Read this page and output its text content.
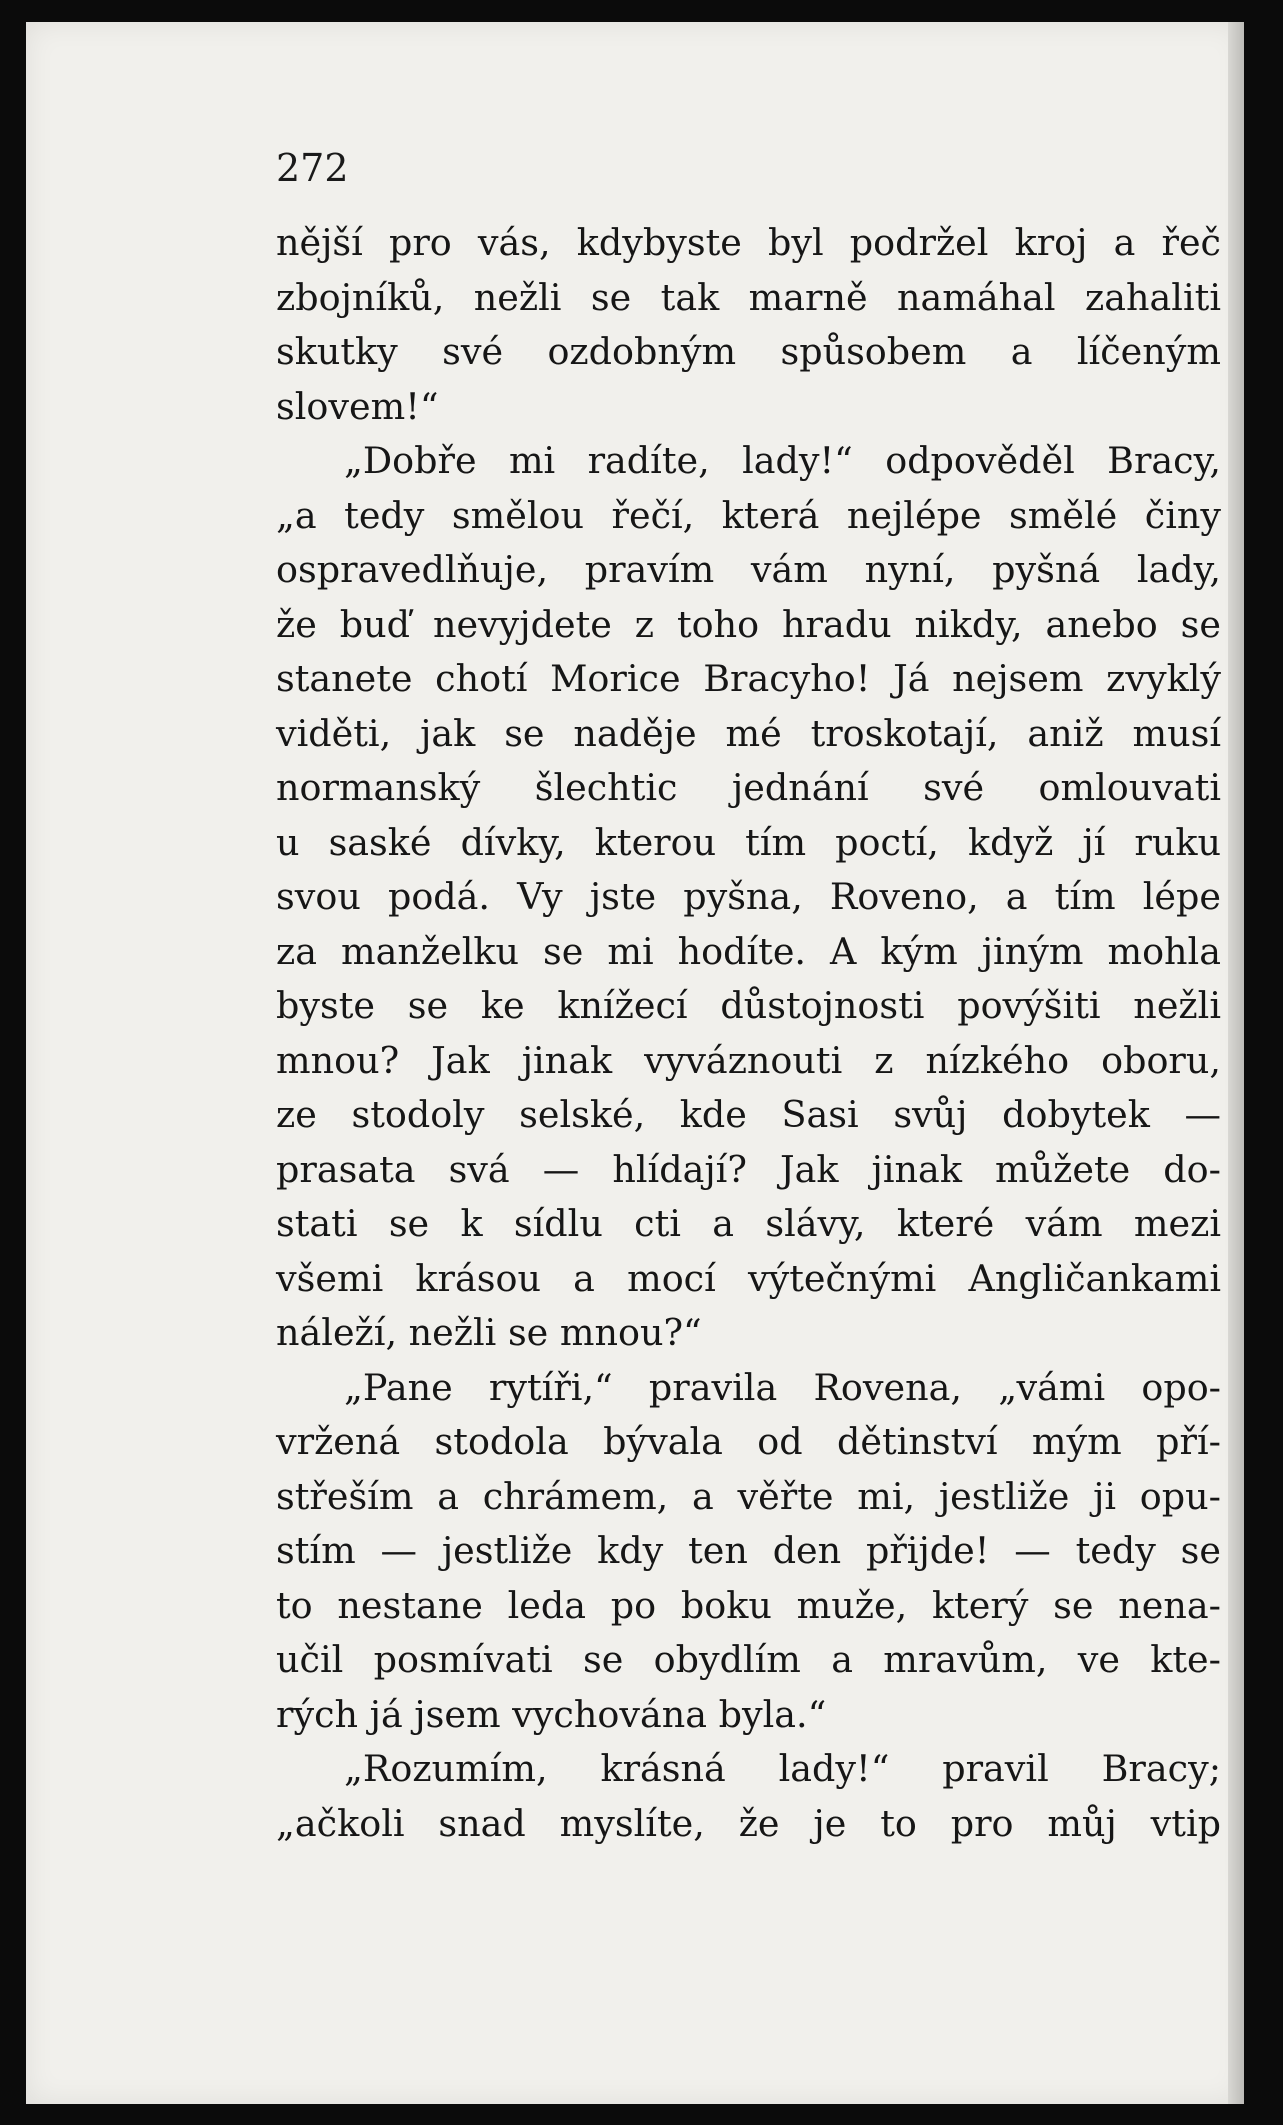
272

nější pro vás, kdybyste byl podržel kroj a řeč
zbojníků, nežli se tak marně namáhal zahaliti
skutky své ozdobným spůsobem a líčeným
slovem!“
„Dobře mi radíte, lady!“ odpověděl Bracy,
„a tedy smělou řečí, která nejlépe smělé činy
ospravedlňuje, pravím vám nyní, pyšná lady,
že buď nevyjdete z toho hradu nikdy, anebo se
stanete chotí Morice Bracyho! Já nejsem zvyklý
viděti, jak se naděje mé troskotají, aniž musí
normanský šlechtic jednání své omlouvati
u saské dívky, kterou tím poctí, když jí ruku
svou podá. Vy jste pyšna, Roveno, a tím lépe
za manželku se mi hodíte. A kým jiným mohla
byste se ke knížecí důstojnosti povýšiti nežli
mnou? Jak jinak vyváznouti z nízkého oboru,
ze stodoly selské, kde Sasi svůj dobytek —
prasata svá — hlídají? Jak jinak můžete do-
stati se k sídlu cti a slávy, které vám mezi
všemi krásou a mocí výtečnými Angličankami
náleží, nežli se mnou?“
„Pane rytíři,“ pravila Rovena, „vámi opo-
vržená stodola bývala od dětinství mým pří-
střeším a chrámem, a věřte mi, jestliže ji opu-
stím — jestliže kdy ten den přijde! — tedy se
to nestane leda po boku muže, který se nena-
učil posmívati se obydlím a mravům, ve kte-
rých já jsem vychována byla.“
„Rozumím, krásná lady!“ pravil Bracy;
„ačkoli snad myslíte, že je to pro můj vtip
